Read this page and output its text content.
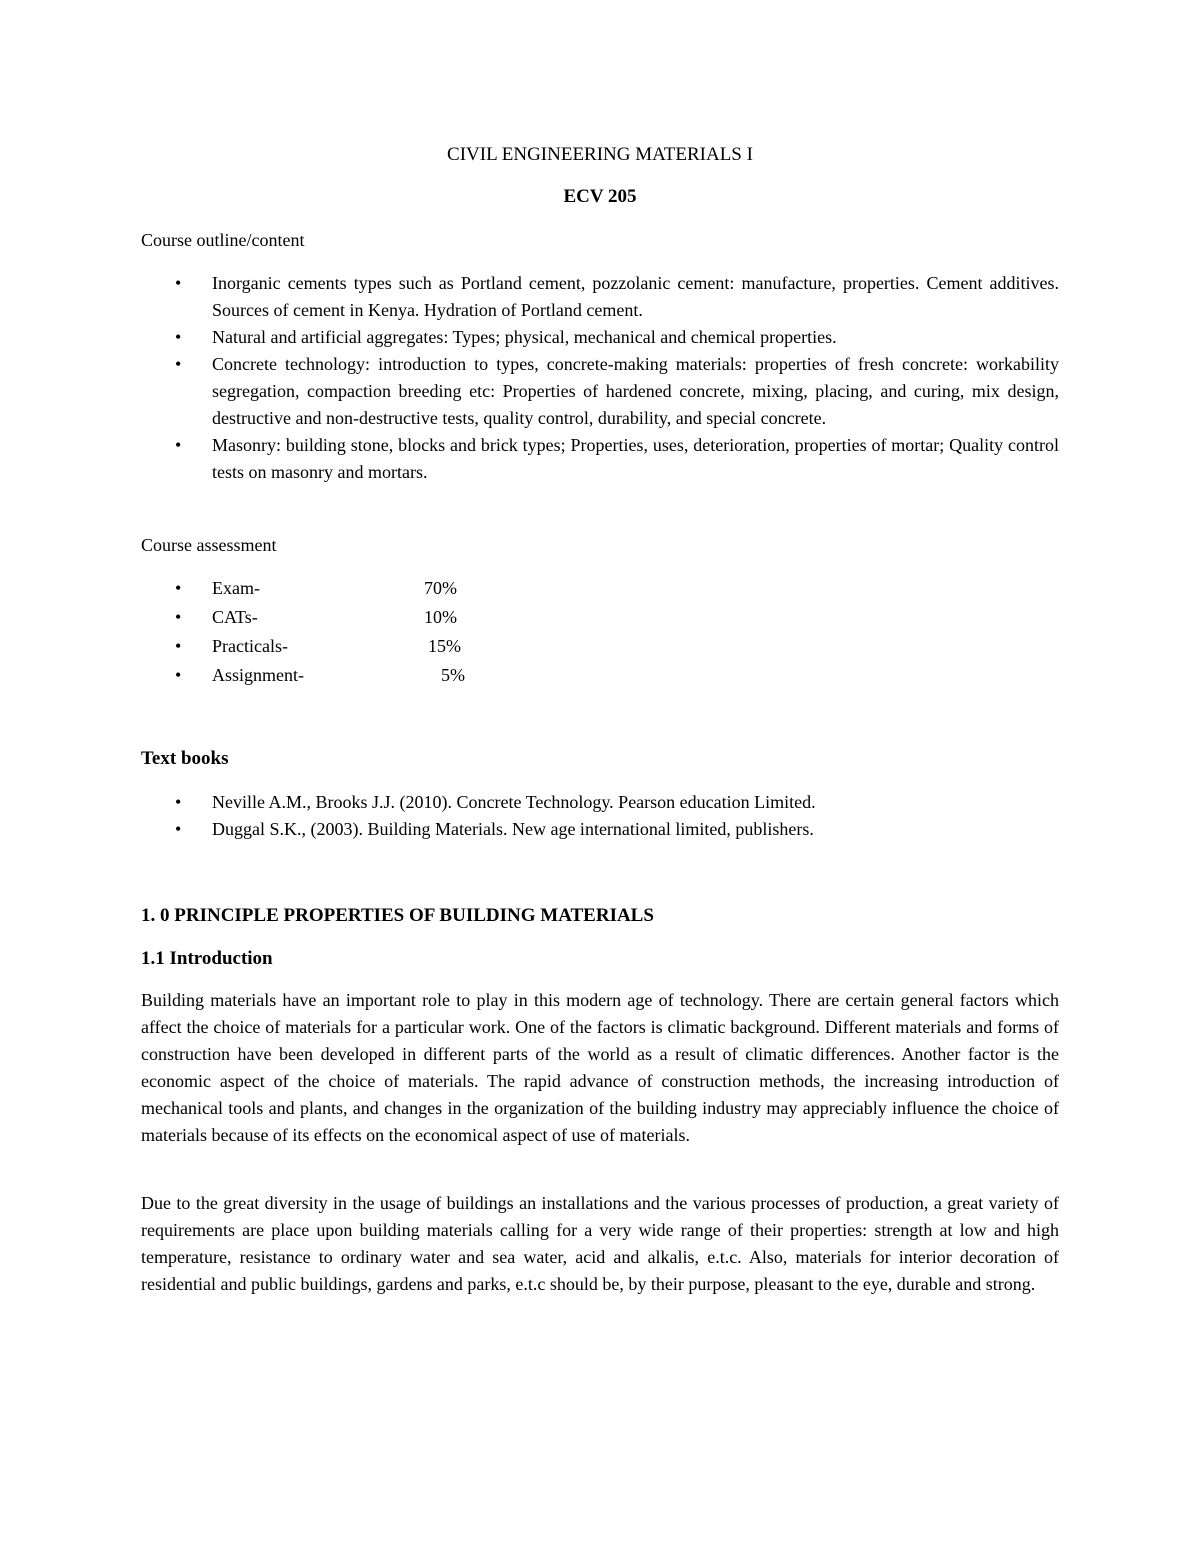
CIVIL ENGINEERING MATERIALS I
ECV 205
Course outline/content
• Inorganic cements types such as Portland cement, pozzolanic cement: manufacture, properties. Cement additives. Sources of cement in Kenya. Hydration of Portland cement.
• Natural and artificial aggregates: Types; physical, mechanical and chemical properties.
• Concrete technology: introduction to types, concrete-making materials: properties of fresh concrete: workability segregation, compaction breeding etc: Properties of hardened concrete, mixing, placing, and curing, mix design, destructive and non-destructive tests, quality control, durability, and special concrete.
• Masonry: building stone, blocks and brick types; Properties, uses, deterioration, properties of mortar; Quality control tests on masonry and mortars.
Course assessment
• Exam-	70%
• CATs-	10%
• Practicals-	15%
• Assignment-	5%
Text books
• Neville A.M., Brooks J.J. (2010). Concrete Technology. Pearson education Limited.
• Duggal S.K., (2003). Building Materials. New age international limited, publishers.
1. 0 PRINCIPLE PROPERTIES OF BUILDING MATERIALS
1.1 Introduction

Building materials have an important role to play in this modern age of technology. There are certain general factors which affect the choice of materials for a particular work. One of the factors is climatic background. Different materials and forms of construction have been developed in different parts of the world as a result of climatic differences. Another factor is the economic aspect of the choice of materials. The rapid advance of construction methods, the increasing introduction of mechanical tools and plants, and changes in the organization of the building industry may appreciably influence the choice of materials because of its effects on the economical aspect of use of materials.

Due to the great diversity in the usage of buildings an installations and the various processes of production, a great variety of requirements are place upon building materials calling for a very wide range of their properties: strength at low and high temperature, resistance to ordinary water and sea water, acid and alkalis, e.t.c. Also, materials for interior decoration of residential and public buildings, gardens and parks, e.t.c should be, by their purpose, pleasant to the eye, durable and strong.
